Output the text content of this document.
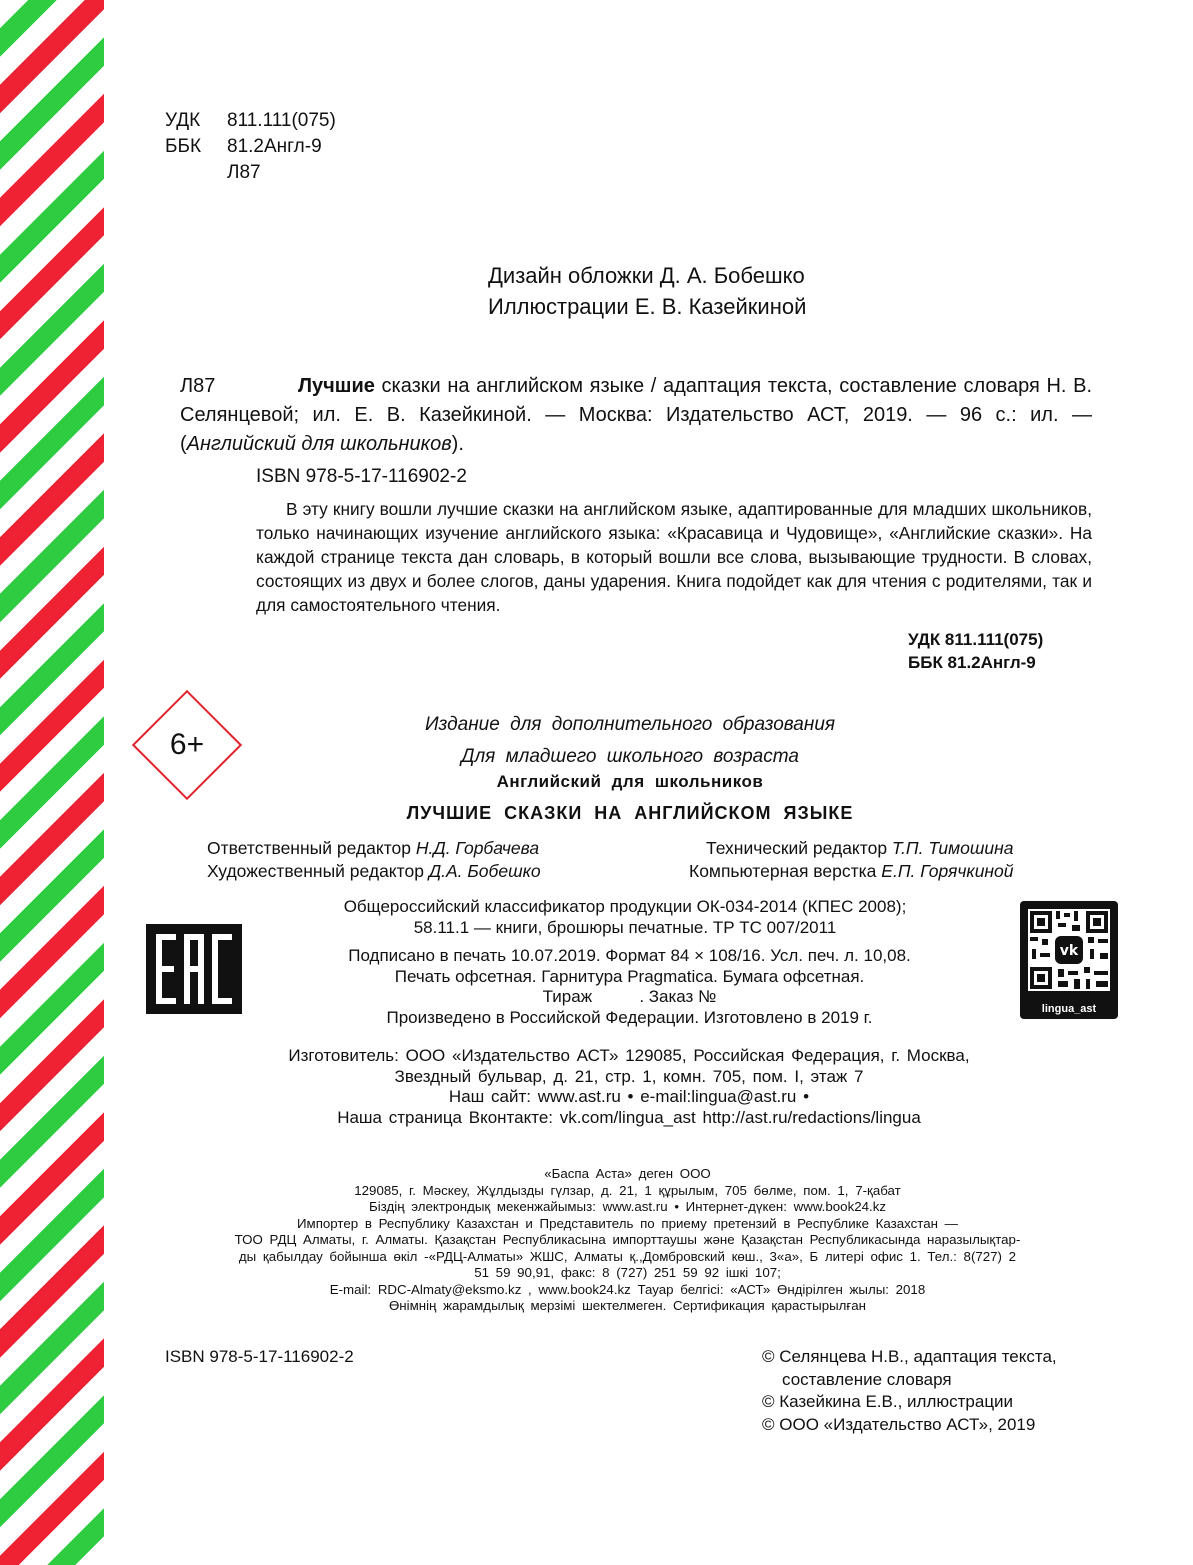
УДК 811.111(075)
ББК 81.2Англ-9
Л87
Дизайн обложки Д. А. Бобешко
Иллюстрации Е. В. Казейкиной
Л87	Лучшие сказки на английском языке / адаптация текста, составление словаря Н. В. Селянцевой; ил. Е. В. Казейкиной. — Москва: Издательство АСТ, 2019. — 96 с.: ил. — (Английский для школьников).

ISBN 978-5-17-116902-2
В эту книгу вошли лучшие сказки на английском языке, адаптированные для младших школьников, только начинающих изучение английского языка: «Красавица и Чудовище», «Английские сказки». На каждой странице текста дан словарь, в который вошли все слова, вызывающие трудности. В словах, состоящих из двух и более слогов, даны ударения. Книга подойдет как для чтения с родителями, так и для самостоятельного чтения.
УДК 811.111(075)
ББК 81.2Англ-9
6+
Издание для дополнительного образования
Для младшего школьного возраста
Английский для школьников
ЛУЧШИЕ СКАЗКИ НА АНГЛИЙСКОМ ЯЗЫКЕ
Ответственный редактор Н.Д. Горбачева
Художественный редактор Д.А. Бобешко
Технический редактор Т.П. Тимошина
Компьютерная верстка Е.П. Горячкиной
Общероссийский классификатор продукции ОК-034-2014 (КПЕС 2008);
58.11.1 — книги, брошюры печатные. ТР ТС 007/2011
Подписано в печать 10.07.2019. Формат 84 × 108/16. Усл. печ. л. 10,08.
Печать офсетная. Гарнитура Pragmatica. Бумага офсетная.
Тираж          . Заказ №
Произведено в Российской Федерации. Изготовлено в 2019 г.
vk
lingua_ast
Изготовитель: ООО «Издательство АСТ» 129085, Российская Федерация, г. Москва,
Звездный бульвар, д. 21, стр. 1, комн. 705, пом. I, этаж 7
Наш сайт: www.ast.ru • e-mail:lingua@ast.ru •
Наша страница Вконтакте: vk.com/lingua_ast http://ast.ru/redactions/lingua
«Баспа Аста» деген ООО
129085, г. Мәскеу, Жұлдызды гүлзар, д. 21, 1 құрылым, 705 бөлме, пом. 1, 7-қабат
Біздің электрондық мекенжайымыз: www.ast.ru • Интернет-дүкен: www.book24.kz
Импортер в Республику Казахстан и Представитель по приему претензий в Республике Казахстан —
ТОО РДЦ Алматы, г. Алматы. Қазақстан Республикасына импорттаушы және Қазақстан Республикасында наразылықтар-
ды қабылдау бойынша өкіл -«РДЦ-Алматы» ЖШС, Алматы қ.,Домбровский көш., 3«а», Б литері офис 1. Тел.: 8(727) 2
51 59 90,91, факс: 8 (727) 251 59 92 ішкі 107;
E-mail: RDC-Almaty@eksmo.kz , www.book24.kz Тауар белгісі: «АСТ» Өндірілген жылы: 2018
Өнімнің жарамдылық мерзімі шектелмеген. Сертификация қарастырылған
ISBN 978-5-17-116902-2	© Селянцева Н.В., адаптация текста,
составление словаря
© Казейкина Е.В., иллюстрации
© ООО «Издательство АСТ», 2019
